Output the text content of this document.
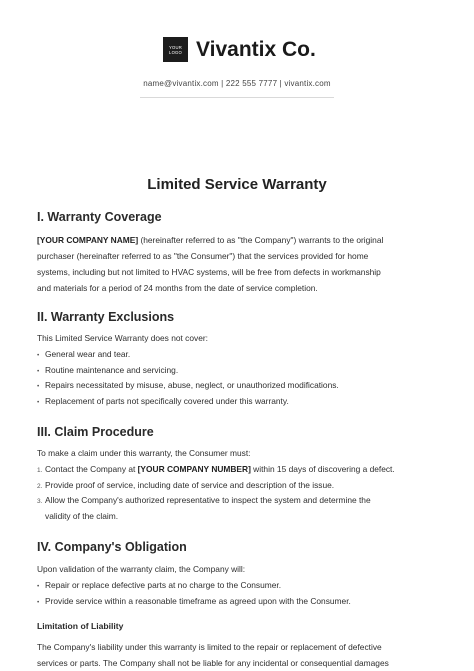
YOUR
LOGO Vivantix Co.
name@vivantix.com | 222 555 7777 | vivantix.com
Limited Service Warranty
I. Warranty Coverage

[YOUR COMPANY NAME] (hereinafter referred to as "the Company") warrants to the original

purchaser (hereinafter referred to as "the Consumer") that the services provided for home

systems, including but not limited to HVAC systems, will be free from defects in workmanship

and materials for a period of 24 months from the date of service completion.

II. Warranty Exclusions

This Limited Service Warranty does not cover:

• General wear and tear.
• Routine maintenance and servicing.
• Repairs necessitated by misuse, abuse, neglect, or unauthorized modifications.
• Replacement of parts not specifically covered under this warranty.
III. Claim Procedure

To make a claim under this warranty, the Consumer must:

1. Contact the Company at [YOUR COMPANY NUMBER] within 15 days of discovering a defect.
2. Provide proof of service, including date of service and description of the issue.
3. Allow the Company's authorized representative to inspect the system and determine the
validity of the claim.
IV. Company's Obligation

Upon validation of the warranty claim, the Company will:

• Repair or replace defective parts at no charge to the Consumer.
• Provide service within a reasonable timeframe as agreed upon with the Consumer.
Limitation of Liability

The Company's liability under this warranty is limited to the repair or replacement of defective

services or parts. The Company shall not be liable for any incidental or consequential damages
